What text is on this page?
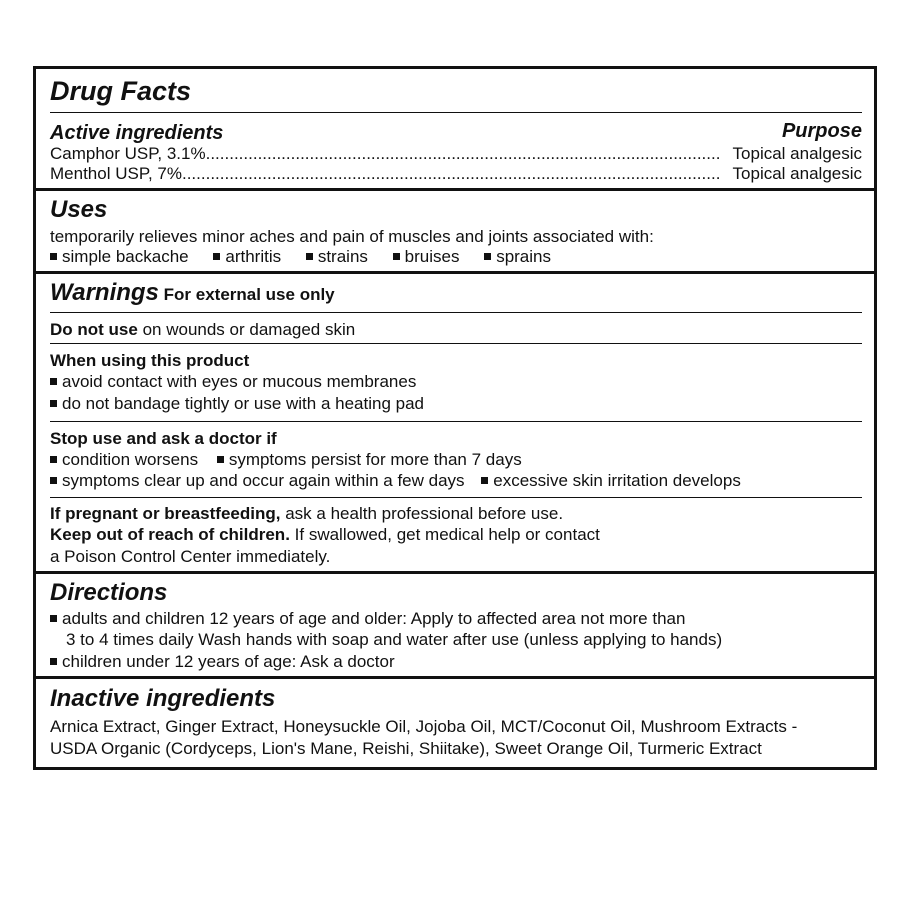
Drug Facts
Active ingredients	Purpose
Camphor USP, 3.1% .....	Topical analgesic
Menthol USP, 7% .....	Topical analgesic
Uses
temporarily relieves minor aches and pain of muscles and joints associated with:
simple backache arthritis strains bruises sprains
Warnings For external use only
Do not use on wounds or damaged skin
When using this product
avoid contact with eyes or mucous membranes
do not bandage tightly or use with a heating pad
Stop use and ask a doctor if
condition worsens symptoms persist for more than 7 days
symptoms clear up and occur again within a few days excessive skin irritation develops
If pregnant or breastfeeding, ask a health professional before use.
Keep out of reach of children. If swallowed, get medical help or contact
a Poison Control Center immediately.
Directions
adults and children 12 years of age and older: Apply to affected area not more than
3 to 4 times daily Wash hands with soap and water after use (unless applying to hands)
children under 12 years of age: Ask a doctor
Inactive ingredients
Arnica Extract, Ginger Extract, Honeysuckle Oil, Jojoba Oil, MCT/Coconut Oil, Mushroom Extracts -
USDA Organic (Cordyceps, Lion's Mane, Reishi, Shiitake), Sweet Orange Oil, Turmeric Extract
